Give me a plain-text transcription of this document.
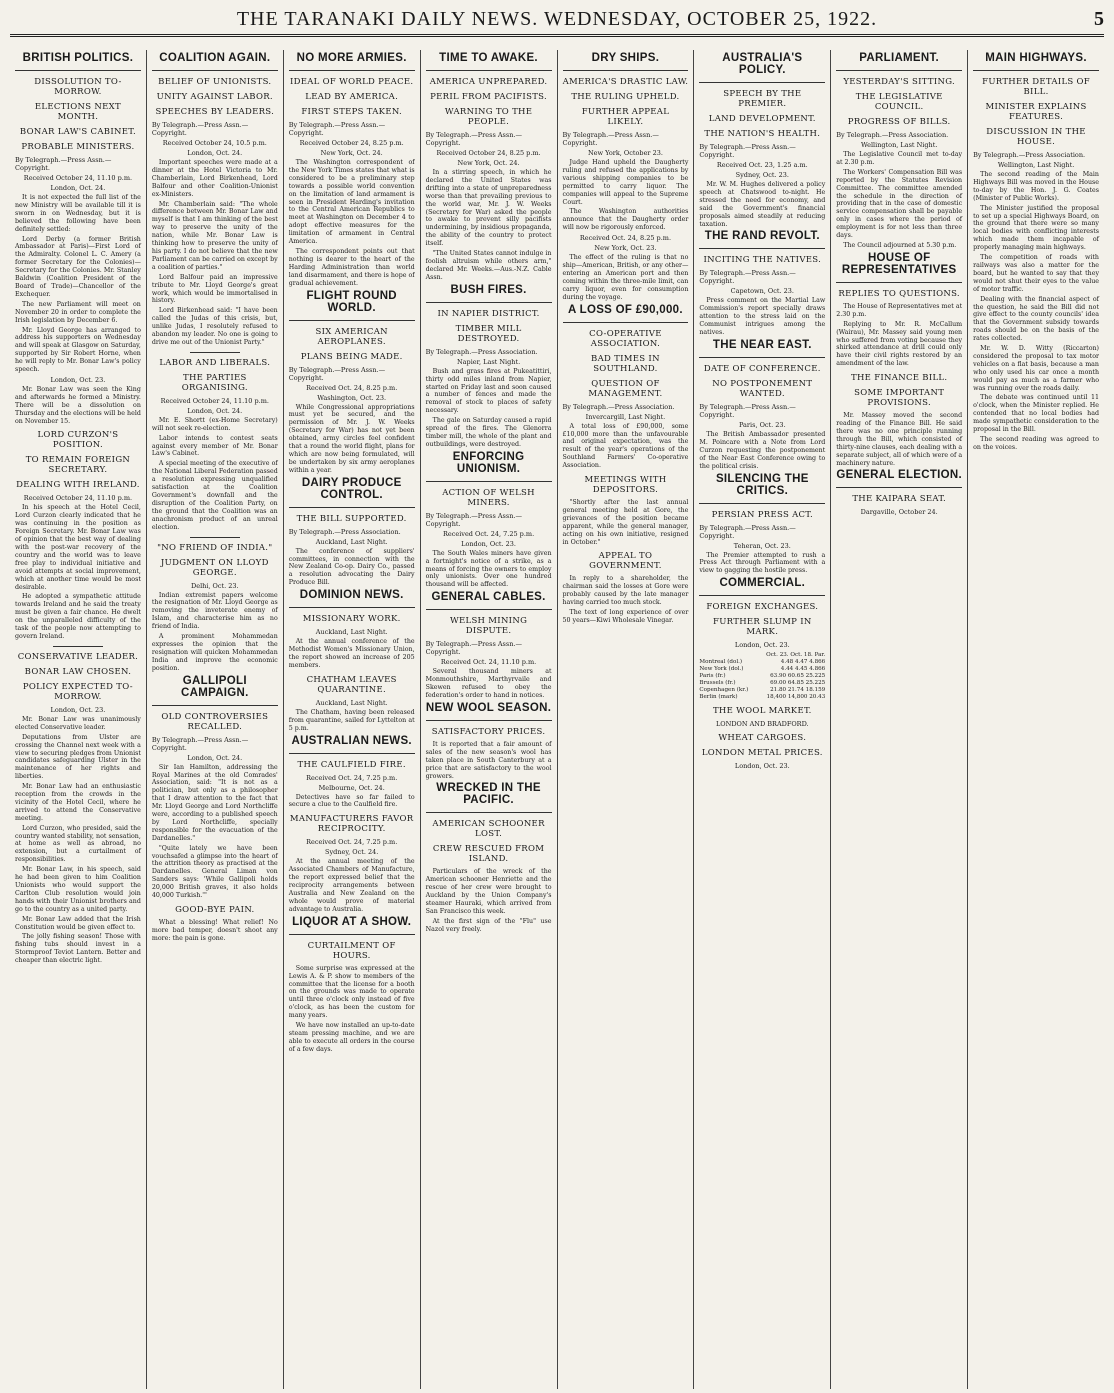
THE TARANAKI DAILY NEWS. WEDNESDAY, OCTOBER 25, 1922.	5
BRITISH POLITICS.
DISSOLUTION TO-MORROW.
ELECTIONS NEXT MONTH.
BONAR LAW'S CABINET.
PROBABLE MINISTERS.
By Telegraph.—Press Assn.—Copyright.
Received October 24, 11.10 p.m.
London, Oct. 24.

It is not expected the full list of the new Ministry will be available till it is sworn in on Wednesday, but it is believed the following have been definitely settled:

Lord Derby (a former British Ambassador at Paris)—First Lord of the Admiralty. Colonel L. C. Amery (a former Secretary for the Colonies)—Secretary for the Colonies. Mr. Stanley Baldwin (Coalition President of the Board of Trade)—Chancellor of the Exchequer.

The new Parliament will meet on November 20 in order to complete the Irish legislation by December 6.

Mr. Lloyd George has arranged to address his supporters on Wednesday and will speak at Glasgow on Saturday, supported by Sir Robert Horne, when he will reply to Mr. Bonar Law's policy speech.

London, Oct. 23.

Mr. Bonar Law was seen the King and afterwards he formed a Ministry. There will be a dissolution on Thursday and the elections will be held on November 15.

LORD CURZON'S POSITION.
TO REMAIN FOREIGN SECRETARY.
DEALING WITH IRELAND.
Received October 24, 11.10 p.m.

In his speech at the Hotel Cecil, Lord Curzon clearly indicated that he was continuing in the position as Foreign Secretary. Mr. Bonar Law was of opinion that the best way of dealing with the post-war recovery of the country and the world was to leave free play to individual initiative and avoid attempts at social improvement, which at another time would be most desirable.

He adopted a sympathetic attitude towards Ireland and he said the treaty must be given a fair chance. He dwelt on the unparalleled difficulty of the task of the people now attempting to govern Ireland.

CONSERVATIVE LEADER.
BONAR LAW CHOSEN.
POLICY EXPECTED TO-MORROW.
London, Oct. 23.

Mr. Bonar Law was unanimously elected Conservative leader.

Deputations from Ulster are crossing the Channel next week with a view to securing pledges from Unionist candidates safeguarding Ulster in the maintenance of her rights and liberties.

Mr. Bonar Law had an enthusiastic reception from the crowds in the vicinity of the Hotel Cecil, where he arrived to attend the Conservative meeting.

Lord Curzon, who presided, said the country wanted stability, not sensation, at home as well as abroad, no extension, but a curtailment of responsibilities.

Mr. Bonar Law, in his speech, said he had been given to him Coalition Unionists who would support the Carlton Club resolution would join hands with their Unionist brothers and go to the country as a united party.

Mr. Bonar Law added that the Irish Constitution would be given effect to.

The jolly fishing season! Those with fishing tubs should invest in a Stormproof Teviot Lantern. Better and cheaper than electric light.

COALITION AGAIN.
BELIEF OF UNIONISTS.
UNITY AGAINST LABOR.
SPEECHES BY LEADERS.
By Telegraph.—Press Assn.—Copyright.
Received October 24, 10.5 p.m.
London, Oct. 24.

Important speeches were made at a dinner at the Hotel Victoria to Mr. Chamberlain, Lord Birkenhead, Lord Balfour and other Coalition-Unionist ex-Ministers.

Mr. Chamberlain said: "The whole difference between Mr. Bonar Law and myself is that I am thinking of the best way to preserve the unity of the nation, while Mr. Bonar Law is thinking how to preserve the unity of his party. I do not believe that the new Parliament can be carried on except by a coalition of parties."

Lord Balfour paid an impressive tribute to Mr. Lloyd George's great work, which would be immortalised in history.

Lord Birkenhead said: "I have been called the Judas of this crisis, but, unlike Judas, I resolutely refused to abandon my leader. No one is going to drive me out of the Unionist Party."

LABOR AND LIBERALS.
THE PARTIES ORGANISING.
Received October 24, 11.10 p.m.
London, Oct. 24.

Mr. E. Shortt (ex-Home Secretary) will not seek re-election.

Labor intends to contest seats against every member of Mr. Bonar Law's Cabinet.

A special meeting of the executive of the National Liberal Federation passed a resolution expressing unqualified satisfaction at the Coalition Government's downfall and the disruption of the Coalition Party, on the ground that the Coalition was an anachronism product of an unreal election.

"NO FRIEND OF INDIA."
JUDGMENT ON LLOYD GEORGE.
Delhi, Oct. 23.

Indian extremist papers welcome the resignation of Mr. Lloyd George as removing the inveterate enemy of Islam, and characterise him as no friend of India.

A prominent Mohammedan expresses the opinion that the resignation will quicken Mohammedan India and improve the economic position.

GALLIPOLI CAMPAIGN.
OLD CONTROVERSIES RECALLED.
By Telegraph.—Press Assn.—Copyright.
London, Oct. 24.

Sir Ian Hamilton, addressing the Royal Marines at the old Comrades' Association, said: "It is not as a politician, but only as a philosopher that I draw attention to the fact that Mr. Lloyd George and Lord Northcliffe were, according to a published speech by Lord Northcliffe, specially responsible for the evacuation of the Dardanelles."

"Quite lately we have been vouchsafed a glimpse into the heart of the attrition theory as practised at the Dardanelles. General Liman von Sanders says: 'While Gallipoli holds 20,000 British graves, it also holds 40,000 Turkish.'"

GOOD-BYE PAIN.

What a blessing! What relief! No more bad temper, doesn't shoot any more: the pain is gone.

NO MORE ARMIES.
IDEAL OF WORLD PEACE.
LEAD BY AMERICA.
FIRST STEPS TAKEN.
By Telegraph.—Press Assn.—Copyright.
Received October 24, 8.25 p.m.
New York, Oct. 24.

The Washington correspondent of the New York Times states that what is considered to be a preliminary step towards a possible world convention on the limitation of land armament is seen in President Harding's invitation to the Central American Republics to meet at Washington on December 4 to adopt effective measures for the limitation of armament in Central America.

The correspondent points out that nothing is dearer to the heart of the Harding Administration than world land disarmament, and there is hope of gradual achievement.

FLIGHT ROUND WORLD.
SIX AMERICAN AEROPLANES.
PLANS BEING MADE.
By Telegraph.—Press Assn.—Copyright.
Received Oct. 24, 8.25 p.m.
Washington, Oct. 23.

While Congressional appropriations must yet be secured, and the permission of Mr. J. W. Weeks (Secretary for War) has not yet been obtained, army circles feel confident that a round the world flight, plans for which are now being formulated, will be undertaken by six army aeroplanes within a year.

DAIRY PRODUCE CONTROL.
THE BILL SUPPORTED.
By Telegraph.—Press Association.
Auckland, Last Night.

The conference of suppliers' committees, in connection with the New Zealand Co-op. Dairy Co., passed a resolution advocating the Dairy Produce Bill.

DOMINION NEWS.
MISSIONARY WORK.
Auckland, Last Night.

At the annual conference of the Methodist Women's Missionary Union, the report showed an increase of 205 members.

CHATHAM LEAVES QUARANTINE.
Auckland, Last Night.

The Chatham, having been released from quarantine, sailed for Lyttelton at 5 p.m.

AUSTRALIAN NEWS.
THE CAULFIELD FIRE.
Received Oct. 24, 7.25 p.m.
Melbourne, Oct. 24.

Detectives have so far failed to secure a clue to the Caulfield fire.

MANUFACTURERS FAVOR RECIPROCITY.
Received Oct. 24, 7.25 p.m.
Sydney, Oct. 24.

At the annual meeting of the Associated Chambers of Manufacture, the report expressed belief that the reciprocity arrangements between Australia and New Zealand on the whole would prove of material advantage to Australia.

LIQUOR AT A SHOW.
CURTAILMENT OF HOURS.

Some surprise was expressed at the Lewis A. & P. show to members of the committee that the license for a booth on the grounds was made to operate until three o'clock only instead of five o'clock, as has been the custom for many years.

We have now installed an up-to-date steam pressing machine, and we are able to execute all orders in the course of a few days.

TIME TO AWAKE.
AMERICA UNPREPARED.
PERIL FROM PACIFISTS.
WARNING TO THE PEOPLE.
By Telegraph.—Press Assn.—Copyright.
Received October 24, 8.25 p.m.
New York, Oct. 24.

In a stirring speech, in which he declared the United States was drifting into a state of unpreparedness worse than that prevailing previous to the world war, Mr. J. W. Weeks (Secretary for War) asked the people to awake to prevent silly pacifists undermining, by insidious propaganda, the ability of the country to protect itself.

"The United States cannot indulge in foolish altruism while others arm," declared Mr. Weeks.—Aus.-N.Z. Cable Assn.

BUSH FIRES.
IN NAPIER DISTRICT.
TIMBER MILL DESTROYED.
By Telegraph.—Press Association.
Napier, Last Night.

Bush and grass fires at Pukeatittiri, thirty odd miles inland from Napier, started on Friday last and soon caused a number of fences and made the removal of stock to places of safety necessary.

The gale on Saturday caused a rapid spread of the fires. The Glenorra timber mill, the whole of the plant and outbuildings, were destroyed.

ENFORCING UNIONISM.
ACTION OF WELSH MINERS.
By Telegraph.—Press Assn.—Copyright.
Received Oct. 24, 7.25 p.m.
London, Oct. 23.

The South Wales miners have given a fortnight's notice of a strike, as a means of forcing the owners to employ only unionists. Over one hundred thousand will be affected.

GENERAL CABLES.
WELSH MINING DISPUTE.
By Telegraph.—Press Assn.—Copyright.
Received Oct. 24, 11.10 p.m.

Several thousand miners at Monmouthshire, Marthyrvaile and Skewen refused to obey the federation's order to hand in notices.

NEW WOOL SEASON.
SATISFACTORY PRICES.

It is reported that a fair amount of sales of the new season's wool has taken place in South Canterbury at a price that are satisfactory to the wool growers.

WRECKED IN THE PACIFIC.
AMERICAN SCHOONER LOST.
CREW RESCUED FROM ISLAND.

Particulars of the wreck of the American schooner Henriette and the rescue of her crew were brought to Auckland by the Union Company's steamer Hauraki, which arrived from San Francisco this week.

At the first sign of the "Flu" use Nazol very freely.

DRY SHIPS.
AMERICA'S DRASTIC LAW.
THE RULING UPHELD.
FURTHER APPEAL LIKELY.
By Telegraph.—Press Assn.—Copyright.
New York, October 23.

Judge Hand upheld the Daugherty ruling and refused the applications by various shipping companies to be permitted to carry liquor. The companies will appeal to the Supreme Court.

The Washington authorities announce that the Daugherty order will now be rigorously enforced.

Received Oct. 24, 8.25 p.m.
New York, Oct. 23.

The effect of the ruling is that no ship—American, British, or any other—entering an American port and then coming within the three-mile limit, can carry liquor, even for consumption during the voyage.

A LOSS OF £90,000.
CO-OPERATIVE ASSOCIATION.
BAD TIMES IN SOUTHLAND.
QUESTION OF MANAGEMENT.
By Telegraph.—Press Association.
Invercargill, Last Night.

A total loss of £90,000, some £10,000 more than the unfavourable and original expectation, was the result of the year's operations of the Southland Farmers' Co-operative Association.

MEETINGS WITH DEPOSITORS.

"Shortly after the last annual general meeting held at Gore, the grievances of the position became apparent, while the general manager, acting on his own initiative, resigned in October."

APPEAL TO GOVERNMENT.

In reply to a shareholder, the chairman said the losses at Gore were probably caused by the late manager having carried too much stock.

The text of long experience of over 50 years—Kiwi Wholesale Vinegar.

AUSTRALIA'S POLICY.
SPEECH BY THE PREMIER.
LAND DEVELOPMENT.
THE NATION'S HEALTH.
By Telegraph.—Press Assn.—Copyright.
Received Oct. 23, 1.25 a.m.
Sydney, Oct. 23.

Mr. W. M. Hughes delivered a policy speech at Chatswood to-night. He stressed the need for economy, and said the Government's financial proposals aimed steadily at reducing taxation.

THE RAND REVOLT.
INCITING THE NATIVES.
By Telegraph.—Press Assn.—Copyright.
Capetown, Oct. 23.

Press comment on the Martial Law Commission's report specially draws attention to the stress laid on the Communist intrigues among the natives.

THE NEAR EAST.
DATE OF CONFERENCE.
NO POSTPONEMENT WANTED.
By Telegraph.—Press Assn.—Copyright.
Paris, Oct. 23.

The British Ambassador presented M. Poincare with a Note from Lord Curzon requesting the postponement of the Near East Conference owing to the political crisis.

SILENCING THE CRITICS.
PERSIAN PRESS ACT.
By Telegraph.—Press Assn.—Copyright.
Teheran, Oct. 23.

The Premier attempted to rush a Press Act through Parliament with a view to gagging the hostile press.

COMMERCIAL.
FOREIGN EXCHANGES.
FURTHER SLUMP IN MARK.
London, Oct. 23.
Oct. 23. Oct. 18. Par.
Montreal (dol.)	4.48 4.47 4.866
New York (dol.)	4.44 4.45 4.866
Paris (fr.)	63.90 60.65 25.225
Brussels (fr.)	69.00 64.85 25.225
Copenhagen (kr.)	21.80 21.74 18.159
Berlin (mark)	18,400 14,800 20.43
THE WOOL MARKET.
LONDON AND BRADFORD.
WHEAT CARGOES.
LONDON METAL PRICES.
London, Oct. 23.
PARLIAMENT.
YESTERDAY'S SITTING.
THE LEGISLATIVE COUNCIL.
PROGRESS OF BILLS.
By Telegraph.—Press Association.
Wellington, Last Night.

The Legislative Council met to-day at 2.30 p.m.

The Workers' Compensation Bill was reported by the Statutes Revision Committee. The committee amended the schedule in the direction of providing that in the case of domestic service compensation shall be payable only in cases where the period of employment is for not less than three days.

The Council adjourned at 5.30 p.m.

HOUSE OF REPRESENTATIVES
REPLIES TO QUESTIONS.

The House of Representatives met at 2.30 p.m.

Replying to Mr. R. McCallum (Wairau), Mr. Massey said young men who suffered from voting because they shirked attendance at drill could only have their civil rights restored by an amendment of the law.

THE FINANCE BILL.
SOME IMPORTANT PROVISIONS.

Mr. Massey moved the second reading of the Finance Bill. He said there was no one principle running through the Bill, which consisted of thirty-nine clauses, each dealing with a separate subject, all of which were of a machinery nature.

GENERAL ELECTION.
THE KAIPARA SEAT.
Dargaville, October 24.
MAIN HIGHWAYS.
FURTHER DETAILS OF BILL.
MINISTER EXPLAINS FEATURES.
DISCUSSION IN THE HOUSE.
By Telegraph.—Press Association.
Wellington, Last Night.

The second reading of the Main Highways Bill was moved in the House to-day by the Hon. J. G. Coates (Minister of Public Works).

The Minister justified the proposal to set up a special Highways Board, on the ground that there were so many local bodies with conflicting interests which made them incapable of properly managing main highways.

The competition of roads with railways was also a matter for the board, but he wanted to say that they would not shut their eyes to the value of motor traffic.

Dealing with the financial aspect of the question, he said the Bill did not give effect to the county councils' idea that the Government subsidy towards roads should be on the basis of the rates collected.

Mr. W. D. Witty (Riccarton) considered the proposal to tax motor vehicles on a flat basis, because a man who only used his car once a month would pay as much as a farmer who was running over the roads daily.

The debate was continued until 11 o'clock, when the Minister replied. He contended that no local bodies had made sympathetic consideration to the proposal in the Bill.

The second reading was agreed to on the voices.
